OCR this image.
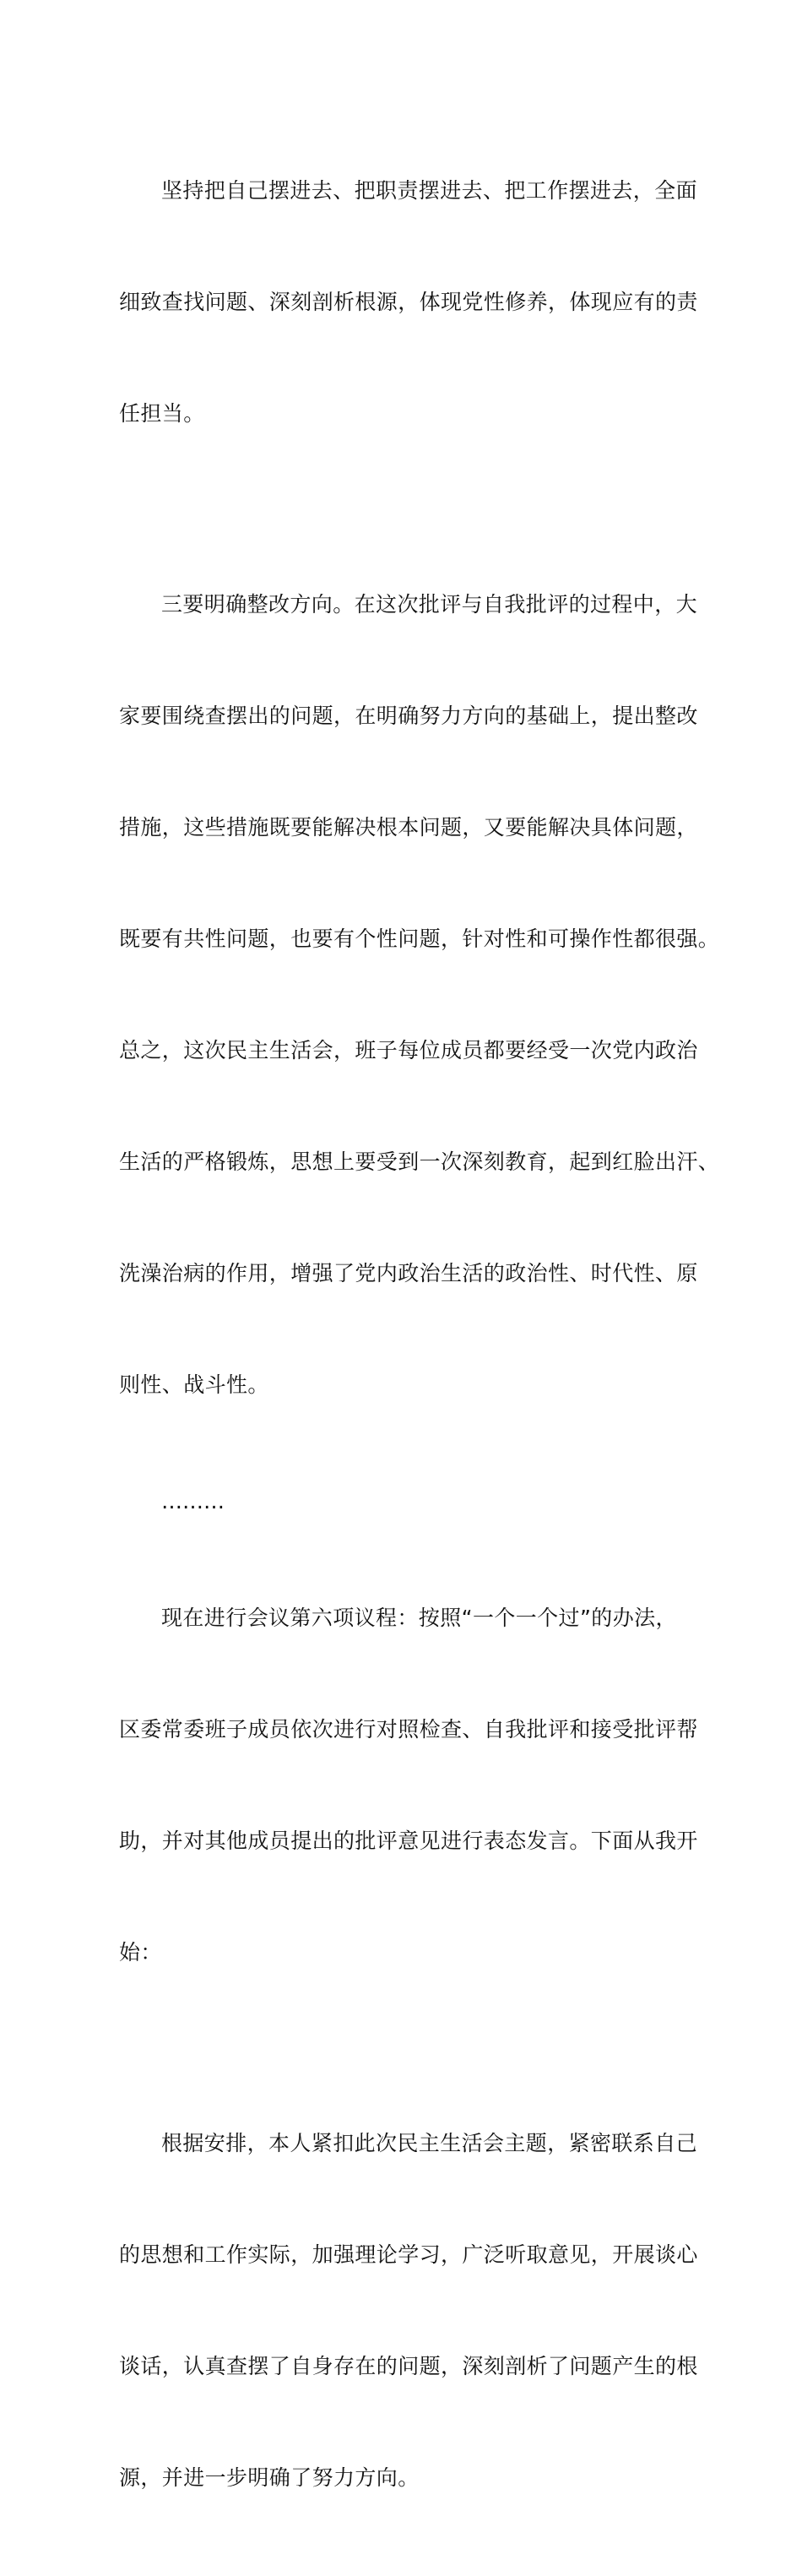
坚持把自己摆进去、把职责摆进去、把工作摆进去，全面

细致查找问题、深刻剖析根源，体现党性修养，体现应有的责

任担当。

三要明确整改方向。在这次批评与自我批评的过程中，大

家要围绕查摆出的问题，在明确努力方向的基础上，提出整改

措施，这些措施既要能解决根本问题，又要能解决具体问题，

既要有共性问题，也要有个性问题，针对性和可操作性都很强。

总之，这次民主生活会，班子每位成员都要经受一次党内政治

生活的严格锻炼，思想上要受到一次深刻教育，起到红脸出汗、

洗澡治病的作用，增强了党内政治生活的政治性、时代性、原

则性、战斗性。

………

现在进行会议第六项议程：按照“一个一个过”的办法，

区委常委班子成员依次进行对照检查、自我批评和接受批评帮

助，并对其他成员提出的批评意见进行表态发言。下面从我开

始：

根据安排，本人紧扣此次民主生活会主题，紧密联系自己

的思想和工作实际，加强理论学习，广泛听取意见，开展谈心

谈话，认真查摆了自身存在的问题，深刻剖析了问题产生的根

源，并进一步明确了努力方向。
